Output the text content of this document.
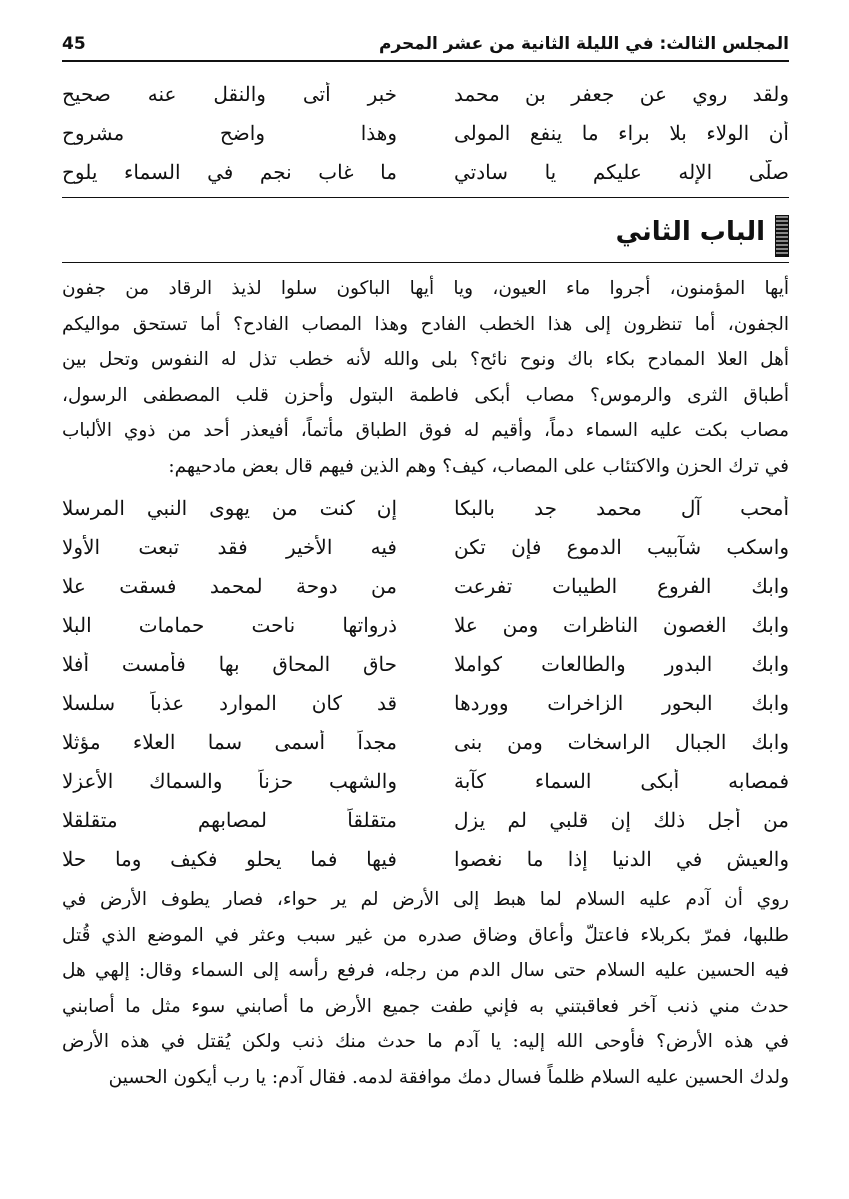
المجلس الثالث: في الليلة الثانية من عشر المحرم
45
ولقد روي عن جعفر بن محمد
خبر أتى والنقل عنه صحيح
أن الولاء بلا براء ما ينفع المولى
وهذا واضح مشروح
صلّى الإله عليكم يا سادتي
ما غاب نجم في السماء يلوح
الباب الثاني
أيها المؤمنون، أجروا ماء العيون، ويا أيها الباكون سلوا لذيذ الرقاد من جفون
الجفون، أما تنظرون إلى هذا الخطب الفادح وهذا المصاب الفادح؟ أما تستحق مواليكم
أهل العلا الممادح بكاء باك ونوح نائح؟ بلى والله لأنه خطب تذل له النفوس وتحل بين
أطباق الثرى والرموس؟ مصاب أبكى فاطمة البتول وأحزن قلب المصطفى الرسول،
مصاب بكت عليه السماء دماً، وأقيم له فوق الطباق مأتماً، أفيعذر أحد من ذوي الألباب
في ترك الحزن والاكتئاب على المصاب، كيف؟ وهم الذين فيهم قال بعض مادحيهم:
أمحب آل محمد جد بالبكا
إن كنت من يهوى النبي المرسلا
واسكب شآبيب الدموع فإن تكن
فيه الأخير فقد تبعت الأولا
وابك الفروع الطيبات تفرعت
من دوحة لمحمد فسقت علا
وابك الغصون الناظرات ومن علا
ذرواتها ناحت حمامات البلا
وابك البدور والطالعات كواملا
حاق المحاق بها فأمست أفلا
وابك البحور الزاخرات ووردها
قد كان الموارد عذباً سلسلا
وابك الجبال الراسخات ومن بنى
مجداً أسمى سما العلاء مؤثلا
فمصابه أبكى السماء كآبة
والشهب حزناً والسماك الأعزلا
من أجل ذلك إن قلبي لم يزل
متقلقاً لمصابهم متقلقلا
والعيش في الدنيا إذا ما نغصوا
فيها فما يحلو فكيف وما حلا
روي أن آدم عليه السلام لما هبط إلى الأرض لم ير حواء، فصار يطوف الأرض في
طلبها، فمرّ بكربلاء فاعتلّ وأعاق وضاق صدره من غير سبب وعثر في الموضع الذي قُتل
فيه الحسين عليه السلام حتى سال الدم من رجله، فرفع رأسه إلى السماء وقال: إلهي هل
حدث مني ذنب آخر فعاقبتني به فإني طفت جميع الأرض ما أصابني سوء مثل ما أصابني
في هذه الأرض؟ فأوحى الله إليه: يا آدم ما حدث منك ذنب ولكن يُقتل في هذه الأرض
ولدك الحسين عليه السلام ظلماً فسال دمك موافقة لدمه. فقال آدم: يا رب أيكون الحسين
